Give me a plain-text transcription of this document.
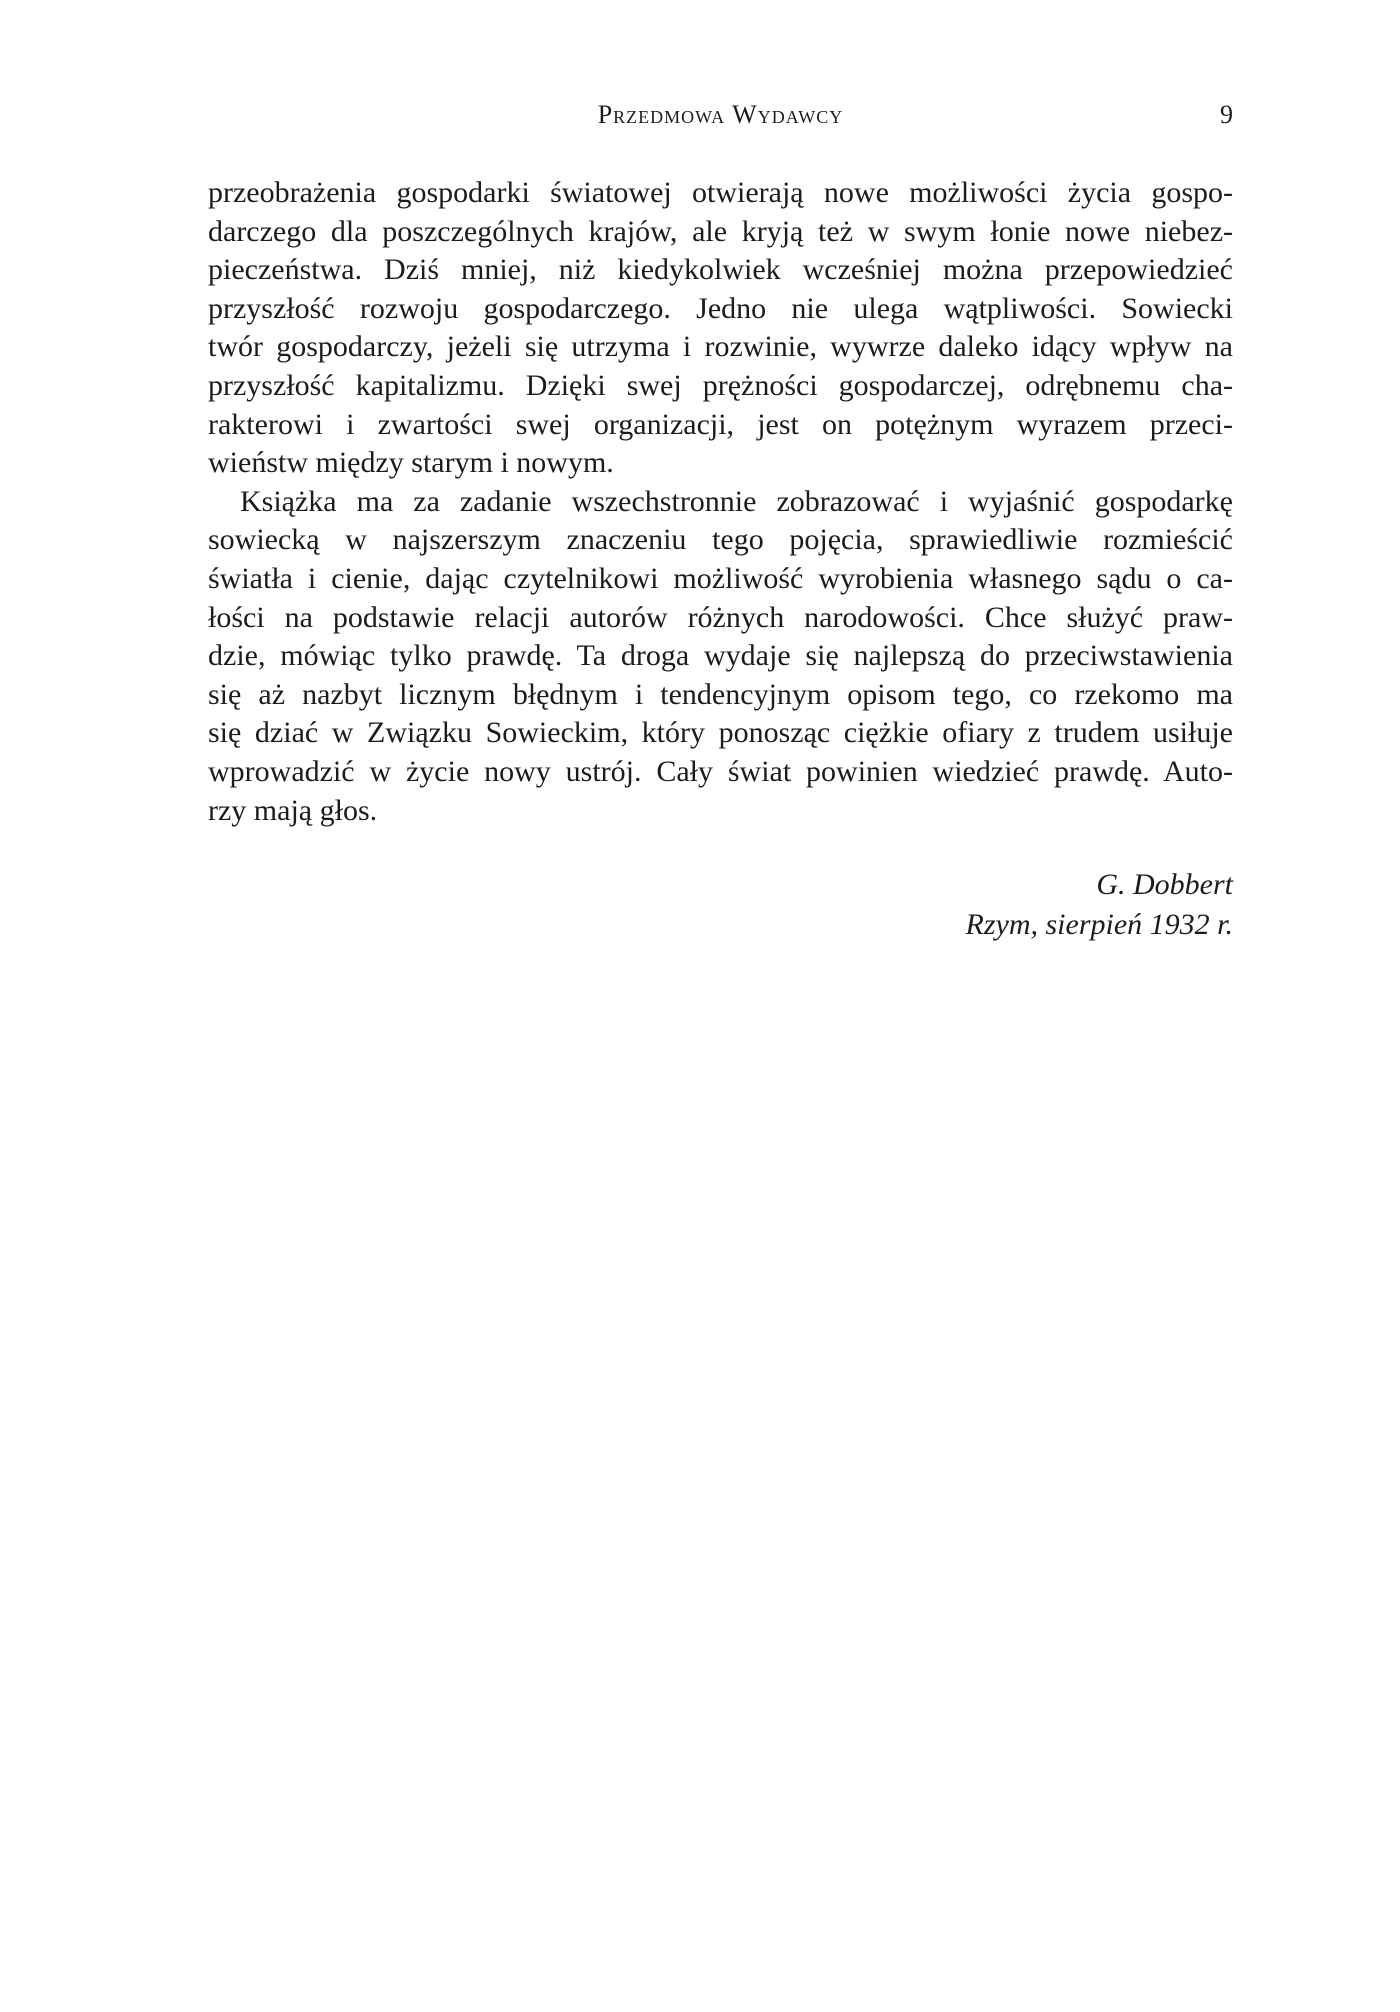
Przedmowa Wydawcy	9
przeobrażenia gospodarki światowej otwierają nowe możliwości życia gospo-
darczego dla poszczególnych krajów, ale kryją też w swym łonie nowe niebez-
pieczeństwa. Dziś mniej, niż kiedykolwiek wcześniej można przepowiedzieć
przyszłość rozwoju gospodarczego. Jedno nie ulega wątpliwości. Sowiecki
twór gospodarczy, jeżeli się utrzyma i rozwinie, wywrze daleko idący wpływ na
przyszłość kapitalizmu. Dzięki swej prężności gospodarczej, odrębnemu cha-
rakterowi i zwartości swej organizacji, jest on potężnym wyrazem przeci-
wieństw między starym i nowym.
Książka ma za zadanie wszechstronnie zobrazować i wyjaśnić gospodarkę
sowiecką w najszerszym znaczeniu tego pojęcia, sprawiedliwie rozmieścić
światła i cienie, dając czytelnikowi możliwość wyrobienia własnego sądu o ca-
łości na podstawie relacji autorów różnych narodowości. Chce służyć praw-
dzie, mówiąc tylko prawdę. Ta droga wydaje się najlepszą do przeciwstawienia
się aż nazbyt licznym błędnym i tendencyjnym opisom tego, co rzekomo ma
się dziać w Związku Sowieckim, który ponosząc ciężkie ofiary z trudem usiłuje
wprowadzić w życie nowy ustrój. Cały świat powinien wiedzieć prawdę. Auto-
rzy mają głos.
G. Dobbert
Rzym, sierpień 1932 r.
